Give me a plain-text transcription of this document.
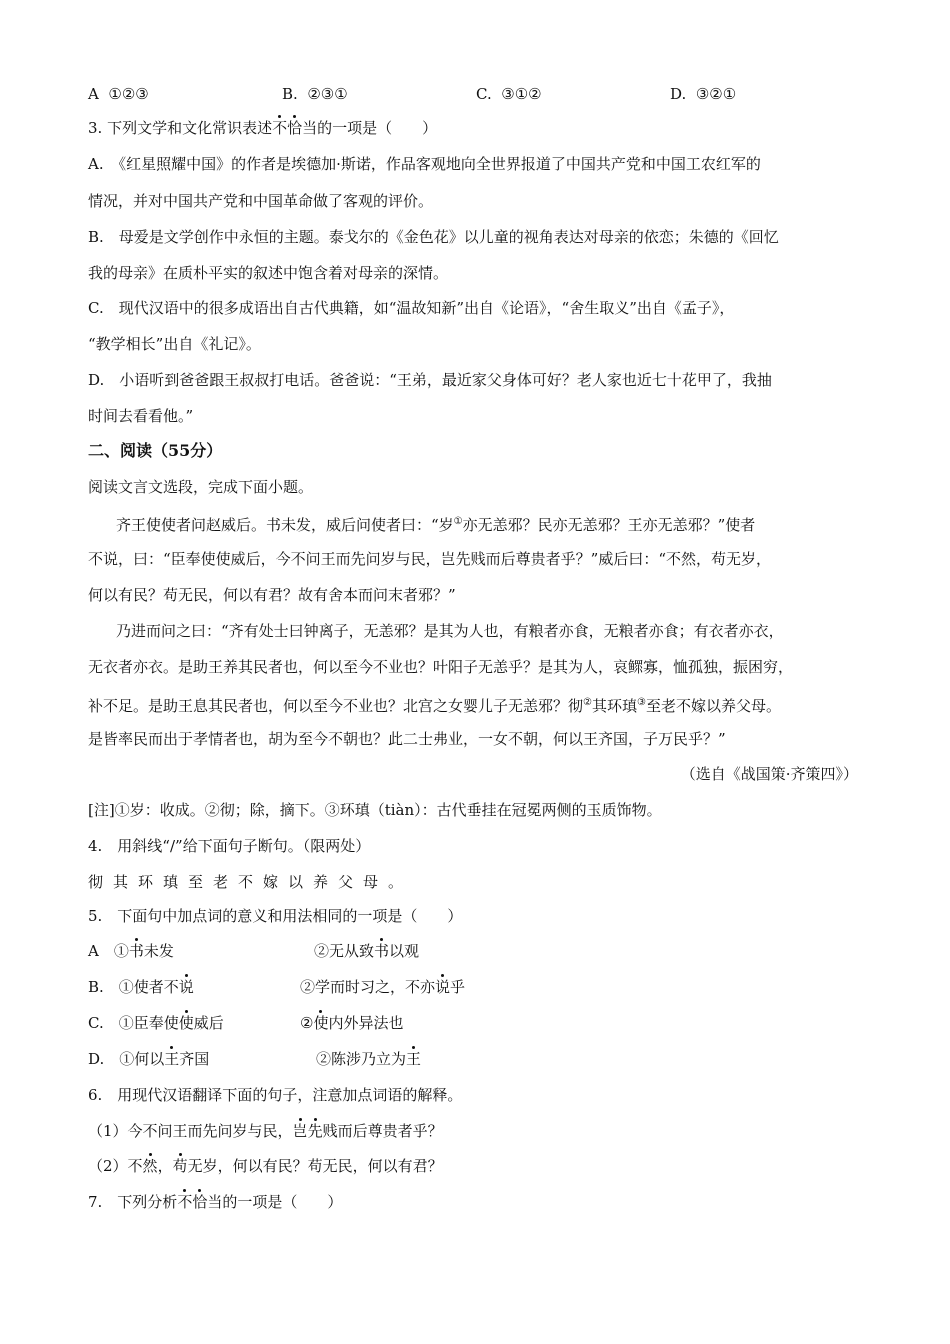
A ①②③	B. ②③①	C. ③①②	D. ③②①
3. 下列文学和文化常识表述不恰当的一项是（　　）
A.　《红星照耀中国》的作者是埃德加·斯诺，作品客观地向全世界报道了中国共产党和中国工农红军的
情况，并对中国共产党和中国革命做了客观的评价。
B.　母爱是文学创作中永恒的主题。泰戈尔的《金色花》以儿童的视角表达对母亲的依恋；朱德的《回忆
我的母亲》在质朴平实的叙述中饱含着对母亲的深情。
C.　现代汉语中的很多成语出自古代典籍，如“温故知新”出自《论语》，“舍生取义”出自《孟子》，
“教学相长”出自《礼记》。
D.　小语听到爸爸跟王叔叔打电话。爸爸说：“王弟，最近家父身体可好？老人家也近七十花甲了，我抽
时间去看看他。”
二、阅读（55分）
阅读文言文选段，完成下面小题。
齐王使使者问赵威后。书未发，威后问使者曰：“岁①亦无恙邪？民亦无恙邪？王亦无恙邪？”使者
不说，曰：“臣奉使使威后，今不问王而先问岁与民，岂先贱而后尊贵者乎？”威后曰：“不然，苟无岁，
何以有民？苟无民，何以有君？故有舍本而问末者邪？”
乃进而问之曰：“齐有处士曰钟离子，无恙邪？是其为人也，有粮者亦食，无粮者亦食；有衣者亦衣，
无衣者亦衣。是助王养其民者也，何以至今不业也？叶阳子无恙乎？是其为人，哀鳏寡，恤孤独，振困穷，
补不足。是助王息其民者也，何以至今不业也？北宫之女婴儿子无恙邪？彻②其环瑱③至老不嫁以养父母。
是皆率民而出于孝情者也，胡为至今不朝也？此二士弗业，一女不朝，何以王齐国，子万民乎？”
（选自《战国策·齐策四》）
[注]①岁：收成。②彻；除，摘下。③环瑱（tiàn）：古代垂挂在冠冕两侧的玉质饰物。
4.　用斜线“/”给下面句子断句。（限两处）
彻其环瑱至老不嫁以养父母。
5.　下面句中加点词的意义和用法相同的一项是（　　）
A　①书未发	②无从致书以观
B.　①使者不说	②学而时习之，不亦说乎
C.　①臣奉使使威后	②使内外异法也
D.　①何以王齐国	②陈涉乃立为王
6.　用现代汉语翻译下面的句子，注意加点词语的解释。
（1）今不问王而先问岁与民，岂先贱而后尊贵者乎？
（2）不然，苟无岁，何以有民？苟无民，何以有君？
7.　下列分析不恰当的一项是（　　）
